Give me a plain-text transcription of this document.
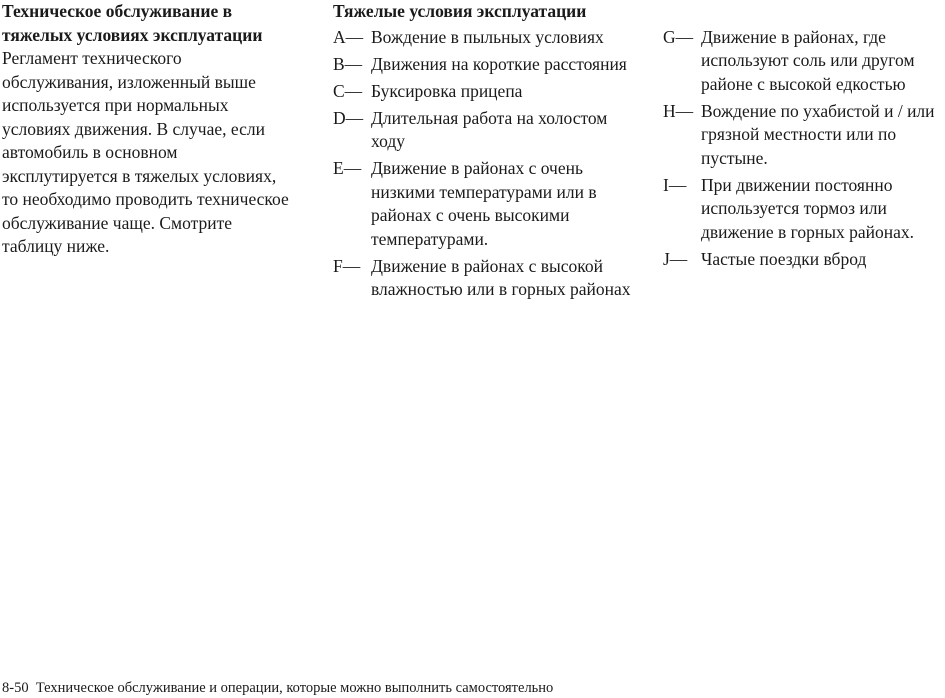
Техническое обслуживание в тяжелых условиях эксплуатации

Регламент технического обслуживания, изложенный выше используется при нормальных условиях движения. В случае, если автомобиль в основном эксплутируется в тяжелых условиях, то необходимо проводить техническое обслуживание чаще. Смотрите таблицу ниже.

Тяжелые условия эксплуатации
A— Вождение в пыльных условиях
B— Движения на короткие расстояния
C— Буксировка прицепа
D— Длительная работа на холостом ходу
E— Движение в районах с очень низкими температурами или в районах с очень высокими температурами.
F— Движение в районах с высокой влажностью или в горных районах
G— Движение в районах, где используют соль или другом районе с высокой едкостью
H— Вождение по ухабистой и / или грязной местности или по пустыне.
I— При движении постоянно используется тормоз или движение в горных районах.
J— Частые поездки вброд
8-50 Техническое обслуживание и операции, которые можно выполнить самостоятельно
